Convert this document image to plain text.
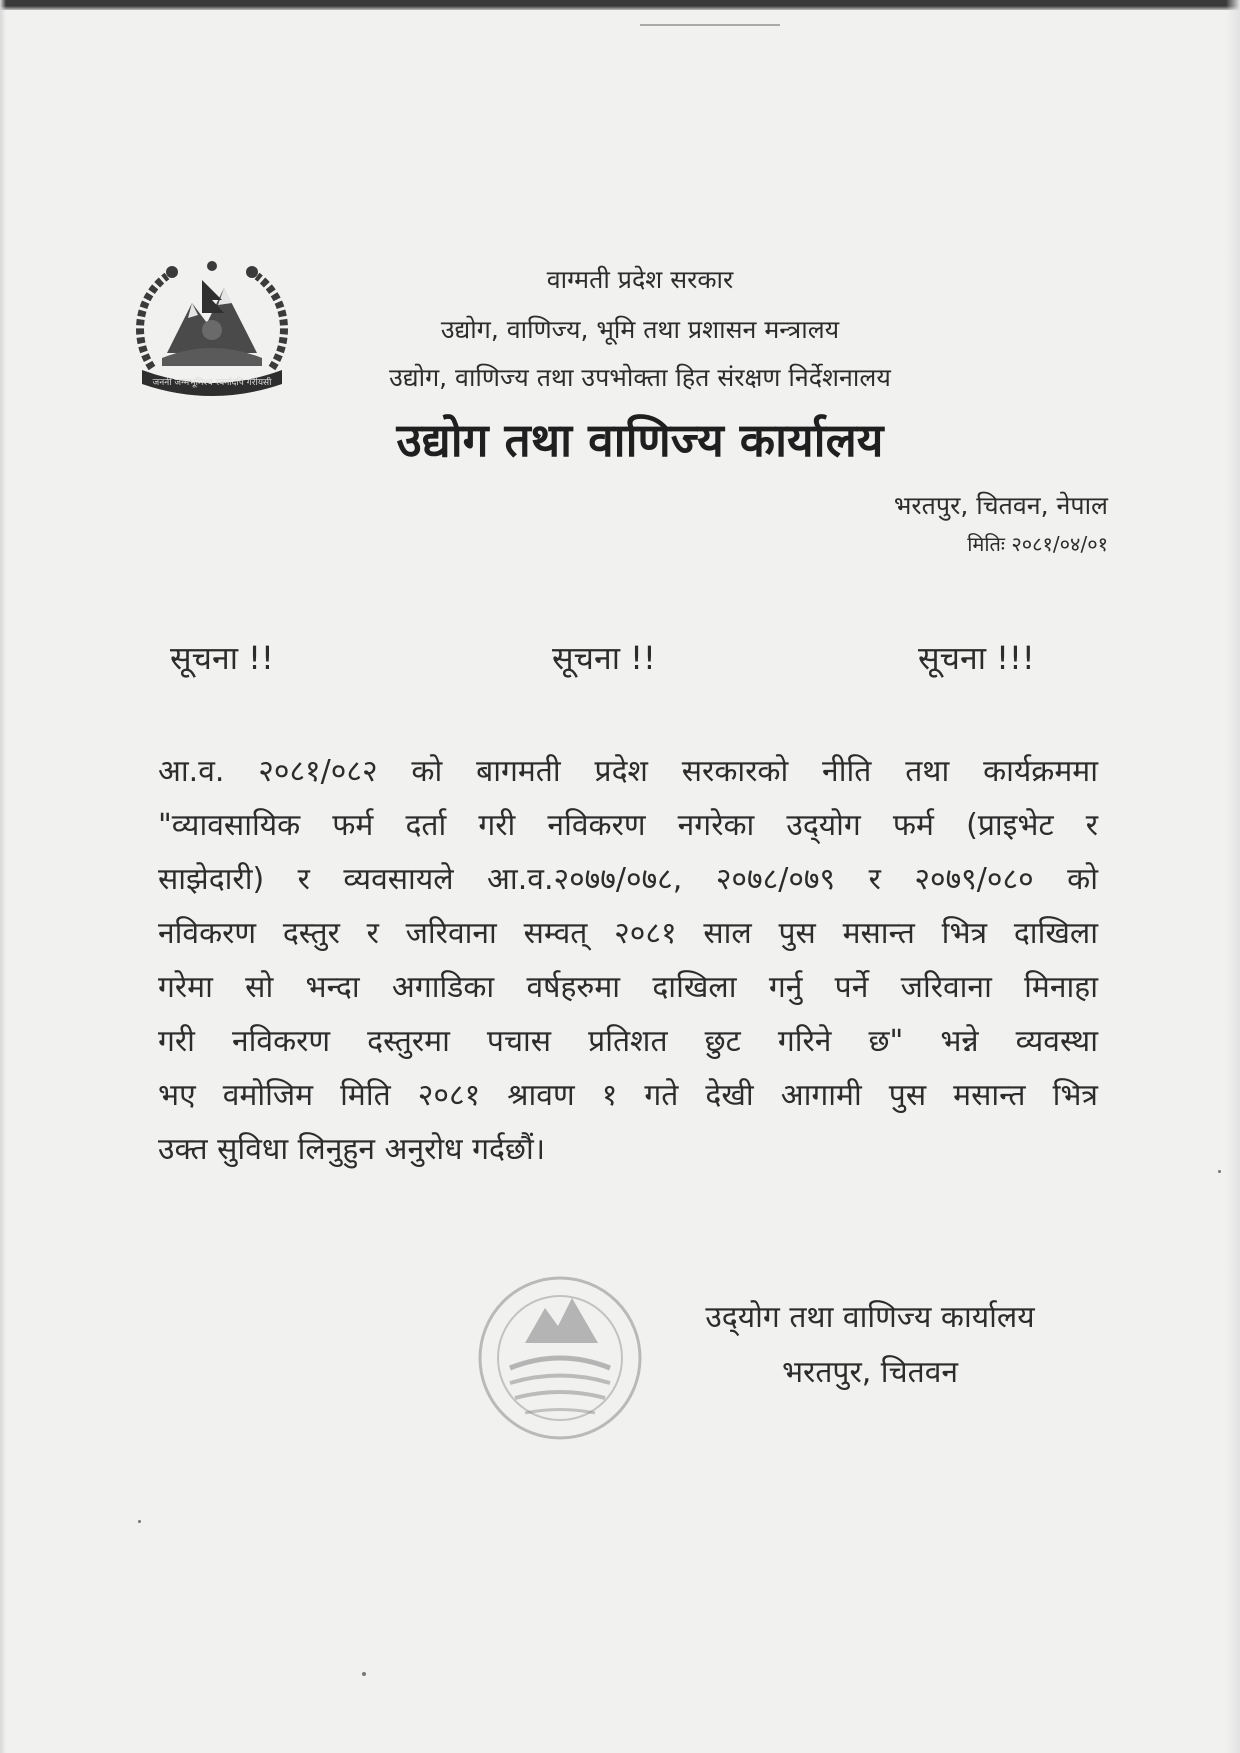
जननी जन्मभूमिश्च स्वर्गादपि गरीयसी
वाग्मती प्रदेश सरकार
उद्योग, वाणिज्य, भूमि तथा प्रशासन मन्त्रालय
उद्योग, वाणिज्य तथा उपभोक्ता हित संरक्षण निर्देशनालय
उद्योग तथा वाणिज्य कार्यालय
भरतपुर, चितवन, नेपाल
मितिः २०८१/०४/०१
सूचना !!	सूचना !!	सूचना !!!
आ.व. २०८१/०८२ को बागमती प्रदेश सरकारको नीति तथा कार्यक्रममा
"व्यावसायिक फर्म दर्ता गरी नविकरण नगरेका उद्‌योग फर्म (प्राइभेट र
साझेदारी) र व्यवसायले आ.व.२०७७/०७८, २०७८/०७९ र २०७९/०८० को
नविकरण दस्तुर र जरिवाना सम्वत् २०८१ साल पुस मसान्त भित्र दाखिला
गरेमा सो भन्दा अगाडिका वर्षहरुमा दाखिला गर्नु पर्ने जरिवाना मिनाहा
गरी नविकरण दस्तुरमा पचास प्रतिशत छुट गरिने छ" भन्ने व्यवस्था
भए वमोजिम मिति २०८१ श्रावण १ गते देखी आगामी पुस मसान्त भित्र
उक्त सुविधा लिनुहुन अनुरोध गर्दछौं।
उद्‌योग तथा वाणिज्य कार्यालय
भरतपुर, चितवन
